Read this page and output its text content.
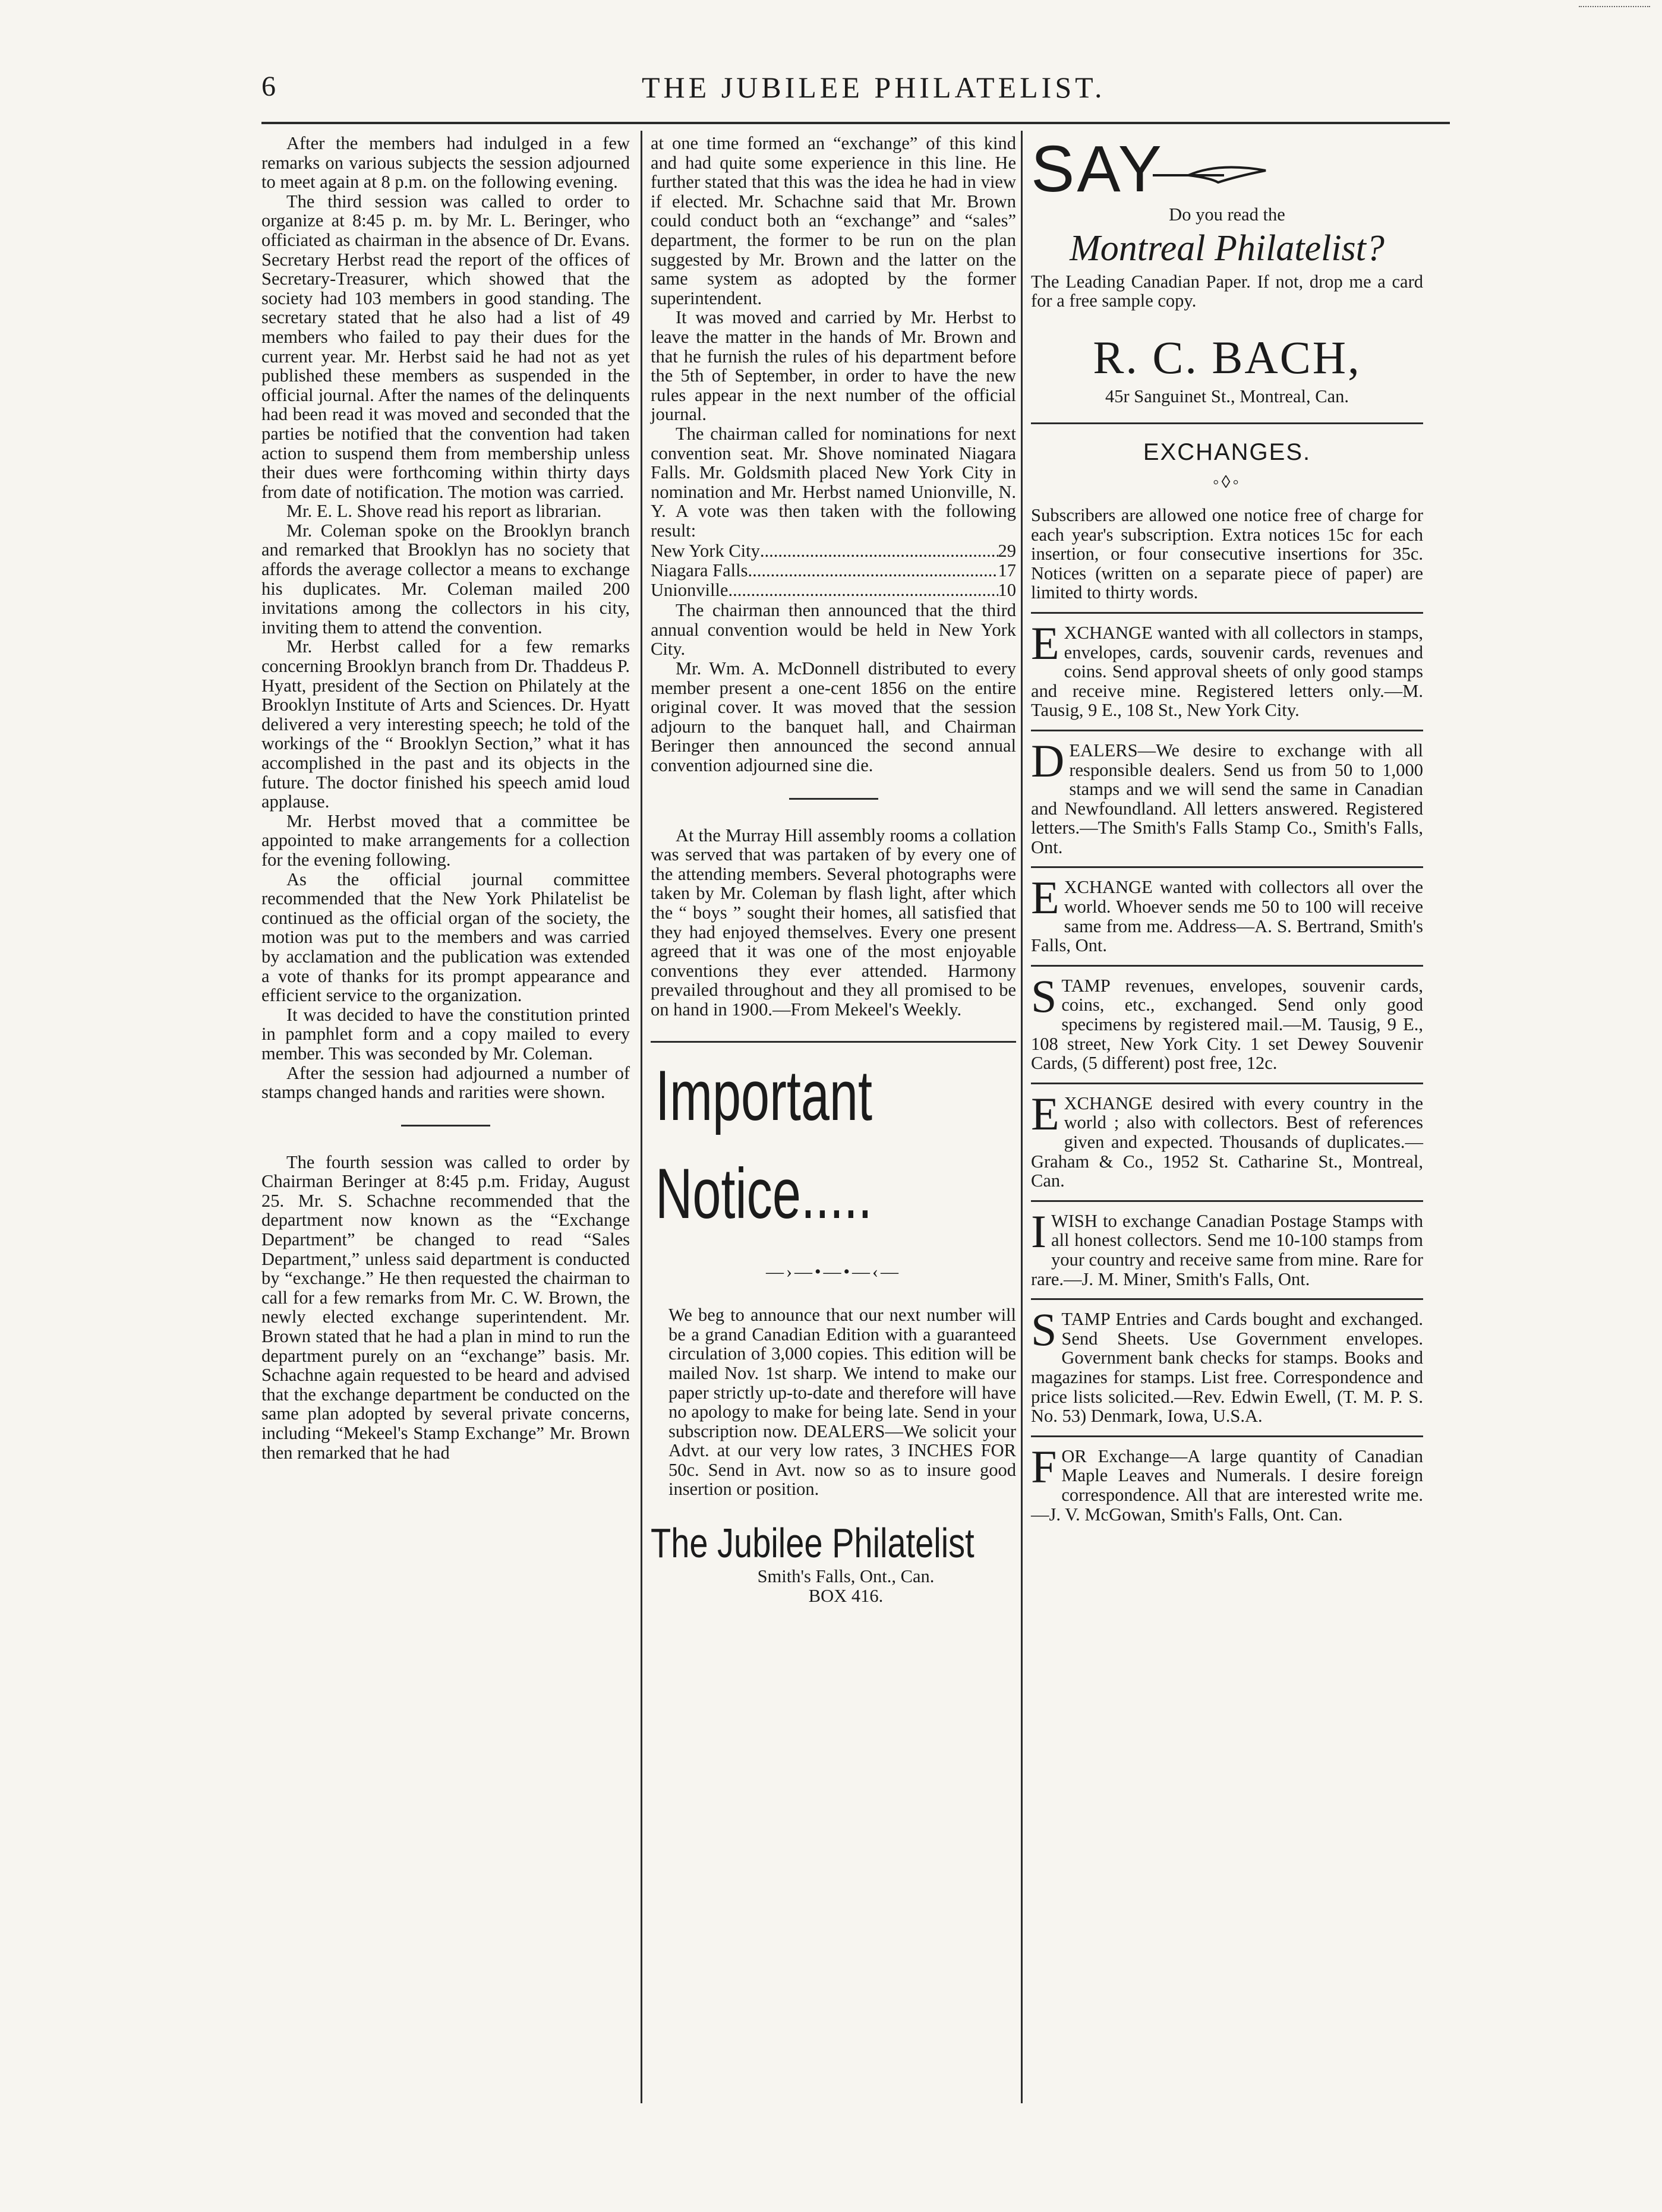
6	THE JUBILEE PHILATELIST.

After the members had indulged in a few remarks on various subjects the session adjourned to meet again at 8 p.m. on the following evening.

The third session was called to order to organize at 8:45 p. m. by Mr. L. Beringer, who officiated as chairman in the absence of Dr. Evans. Secretary Herbst read the report of the offices of Secretary-Treasurer, which showed that the society had 103 members in good standing. The secretary stated that he also had a list of 49 members who failed to pay their dues for the current year. Mr. Herbst said he had not as yet published these members as suspended in the official journal. After the names of the delinquents had been read it was moved and seconded that the parties be notified that the convention had taken action to suspend them from membership unless their dues were forthcoming within thirty days from date of notification. The motion was carried.

Mr. E. L. Shove read his report as librarian.

Mr. Coleman spoke on the Brooklyn branch and remarked that Brooklyn has no society that affords the average collector a means to exchange his duplicates. Mr. Coleman mailed 200 invitations among the collectors in his city, inviting them to attend the convention.

Mr. Herbst called for a few remarks concerning Brooklyn branch from Dr. Thaddeus P. Hyatt, president of the Section on Philately at the Brooklyn Institute of Arts and Sciences. Dr. Hyatt delivered a very interesting speech; he told of the workings of the “ Brooklyn Section,” what it has accomplished in the past and its objects in the future. The doctor finished his speech amid loud applause.

Mr. Herbst moved that a committee be appointed to make arrangements for a collection for the evening following.

As the official journal committee recommended that the New York Philatelist be continued as the official organ of the society, the motion was put to the members and was carried by acclamation and the publication was extended a vote of thanks for its prompt appearance and efficient service to the organization.

It was decided to have the constitution printed in pamphlet form and a copy mailed to every member. This was seconded by Mr. Coleman.

After the session had adjourned a number of stamps changed hands and rarities were shown.

The fourth session was called to order by Chairman Beringer at 8:45 p.m. Friday, August 25. Mr. S. Schachne recommended that the department now known as the “Exchange Department” be changed to read “Sales Department,” unless said department is conducted by “exchange.” He then requested the chairman to call for a few remarks from Mr. C. W. Brown, the newly elected exchange superintendent. Mr. Brown stated that he had a plan in mind to run the department purely on an “exchange” basis. Mr. Schachne again requested to be heard and advised that the exchange department be conducted on the same plan adopted by several private concerns, including “Mekeel's Stamp Exchange” Mr. Brown then remarked that he had

at one time formed an “exchange” of this kind and had quite some experience in this line. He further stated that this was the idea he had in view if elected. Mr. Schachne said that Mr. Brown could conduct both an “exchange” and “sales” department, the former to be run on the plan suggested by Mr. Brown and the latter on the same system as adopted by the former superintendent.

It was moved and carried by Mr. Herbst to leave the matter in the hands of Mr. Brown and that he furnish the rules of his department before the 5th of September, in order to have the new rules appear in the next number of the official journal.

The chairman called for nominations for next convention seat. Mr. Shove nominated Niagara Falls. Mr. Goldsmith placed New York City in nomination and Mr. Herbst named Unionville, N. Y. A vote was then taken with the following result:

New York City .....	29
Niagara Falls .....	17
Unionville .....	10

The chairman then announced that the third annual convention would be held in New York City.

Mr. Wm. A. McDonnell distributed to every member present a one-cent 1856 on the entire original cover. It was moved that the session adjourn to the banquet hall, and Chairman Beringer then announced the second annual convention adjourned sine die.

At the Murray Hill assembly rooms a collation was served that was partaken of by every one of the attending members. Several photographs were taken by Mr. Coleman by flash light, after which the “ boys ” sought their homes, all satisfied that they had enjoyed themselves. Every one present agreed that it was one of the most enjoyable conventions they ever attended. Harmony prevailed throughout and they all promised to be on hand in 1900.—From Mekeel's Weekly.

Important
Notice.....
—›—•—•—‹—

We beg to announce that our next number will be a grand Canadian Edition with a guaranteed circulation of 3,000 copies. This edition will be mailed Nov. 1st sharp. We intend to make our paper strictly up-to-date and therefore will have no apology to make for being late. Send in your subscription now. DEALERS—We solicit your Advt. at our very low rates, 3 INCHES FOR 50c. Send in Avt. now so as to insure good insertion or position.

The Jubilee Philatelist

Smith's Falls, Ont., Can.

BOX 416.

SAY

Do you read the

Montreal Philatelist?

The Leading Canadian Paper. If not, drop me a card for a free sample copy.

R. C. BACH,

45r Sanguinet St., Montreal, Can.

EXCHANGES.
◦◊◦

Subscribers are allowed one notice free of charge for each year's subscription. Extra notices 15c for each insertion, or four consecutive insertions for 35c. Notices (written on a separate piece of paper) are limited to thirty words.

EXCHANGE wanted with all collectors in stamps, envelopes, cards, souvenir cards, revenues and coins. Send approval sheets of only good stamps and receive mine. Registered letters only.—M. Tausig, 9 E., 108 St., New York City.

DEALERS—We desire to exchange with all responsible dealers. Send us from 50 to 1,000 stamps and we will send the same in Canadian and Newfoundland. All letters answered. Registered letters.—The Smith's Falls Stamp Co., Smith's Falls, Ont.

EXCHANGE wanted with collectors all over the world. Whoever sends me 50 to 100 will receive same from me. Address—A. S. Bertrand, Smith's Falls, Ont.

STAMP revenues, envelopes, souvenir cards, coins, etc., exchanged. Send only good specimens by registered mail.—M. Tausig, 9 E., 108 street, New York City. 1 set Dewey Souvenir Cards, (5 different) post free, 12c.

EXCHANGE desired with every country in the world ; also with collectors. Best of references given and expected. Thousands of duplicates.—Graham & Co., 1952 St. Catharine St., Montreal, Can.

I WISH to exchange Canadian Postage Stamps with all honest collectors. Send me 10-100 stamps from your country and receive same from mine. Rare for rare.—J. M. Miner, Smith's Falls, Ont.

STAMP Entries and Cards bought and exchanged. Send Sheets. Use Government envelopes. Government bank checks for stamps. Books and magazines for stamps. List free. Correspondence and price lists solicited.—Rev. Edwin Ewell, (T. M. P. S. No. 53) Denmark, Iowa, U.S.A.

FOR Exchange—A large quantity of Canadian Maple Leaves and Numerals. I desire foreign correspondence. All that are interested write me.—J. V. McGowan, Smith's Falls, Ont. Can.
